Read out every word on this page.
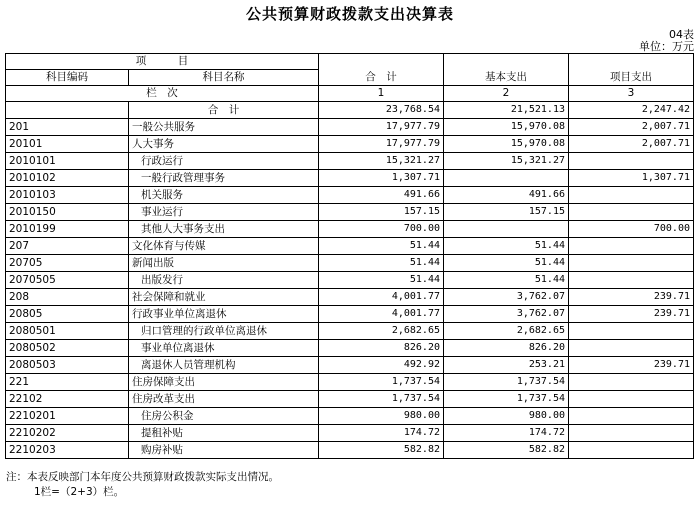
公共预算财政拨款支出决算表
04表
单位：万元
项　　　目		合　计	基本支出	项目支出
科目编码	科目名称			
栏　次		1	2	3
	合　计	23,768.54	21,521.13	2,247.42
201	一般公共服务	17,977.79	15,970.08	2,007.71
20101	人大事务	17,977.79	15,970.08	2,007.71
2010101	行政运行	15,321.27	15,321.27	
2010102	一般行政管理事务	1,307.71		1,307.71
2010103	机关服务	491.66	491.66	
2010150	事业运行	157.15	157.15	
2010199	其他人大事务支出	700.00		700.00
207	文化体育与传媒	51.44	51.44	
20705	新闻出版	51.44	51.44	
2070505	出版发行	51.44	51.44	
208	社会保障和就业	4,001.77	3,762.07	239.71
20805	行政事业单位离退休	4,001.77	3,762.07	239.71
2080501	归口管理的行政单位离退休	2,682.65	2,682.65	
2080502	事业单位离退休	826.20	826.20	
2080503	离退休人员管理机构	492.92	253.21	239.71
221	住房保障支出	1,737.54	1,737.54	
22102	住房改革支出	1,737.54	1,737.54	
2210201	住房公积金	980.00	980.00	
2210202	提租补贴	174.72	174.72	
2210203	购房补贴	582.82	582.82	
注：本表反映部门本年度公共预算财政拨款实际支出情况。
1栏=（2+3）栏。
